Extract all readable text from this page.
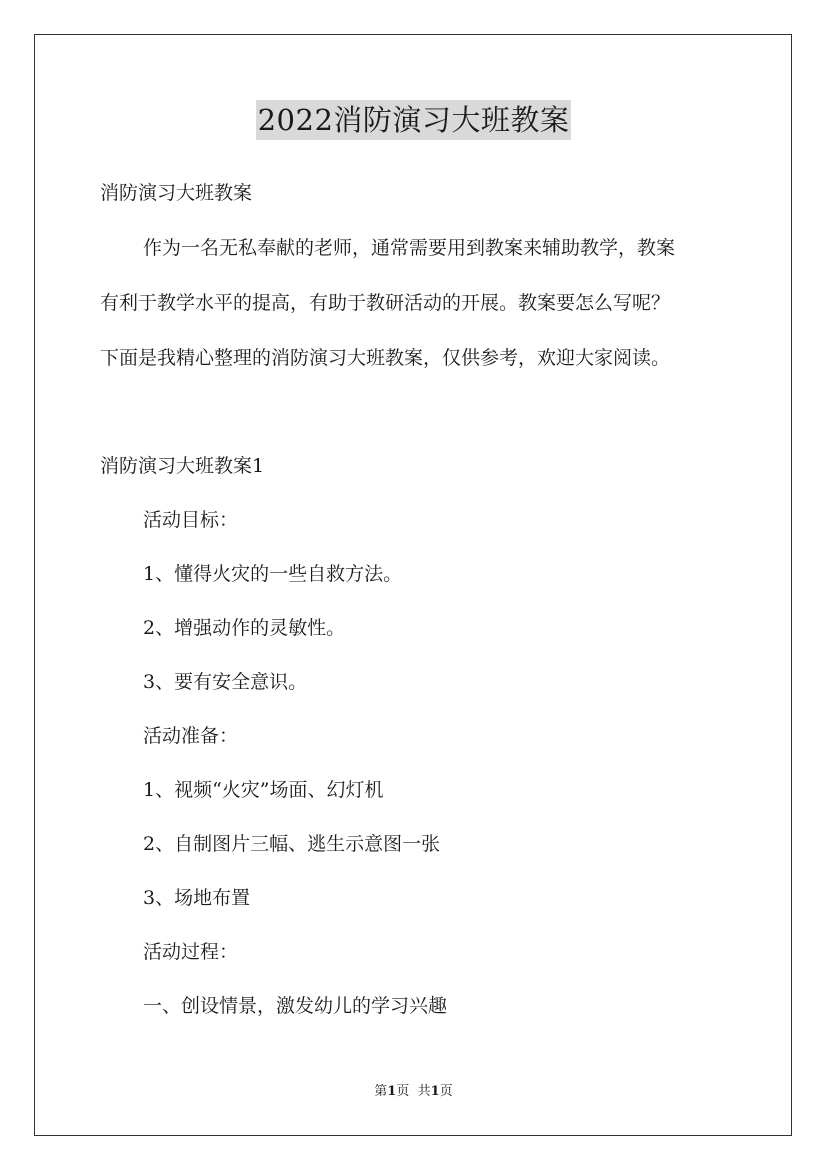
2022消防演习大班教案
消防演习大班教案
作为一名无私奉献的老师，通常需要用到教案来辅助教学，教案
有利于教学水平的提高，有助于教研活动的开展。教案要怎么写呢？
下面是我精心整理的消防演习大班教案，仅供参考，欢迎大家阅读。
消防演习大班教案1
活动目标：
1、懂得火灾的一些自救方法。
2、增强动作的灵敏性。
3、要有安全意识。
活动准备：
1、视频“火灾”场面、幻灯机
2、自制图片三幅、逃生示意图一张
3、场地布置
活动过程：
一、创设情景，激发幼儿的学习兴趣
第1页 共1页
